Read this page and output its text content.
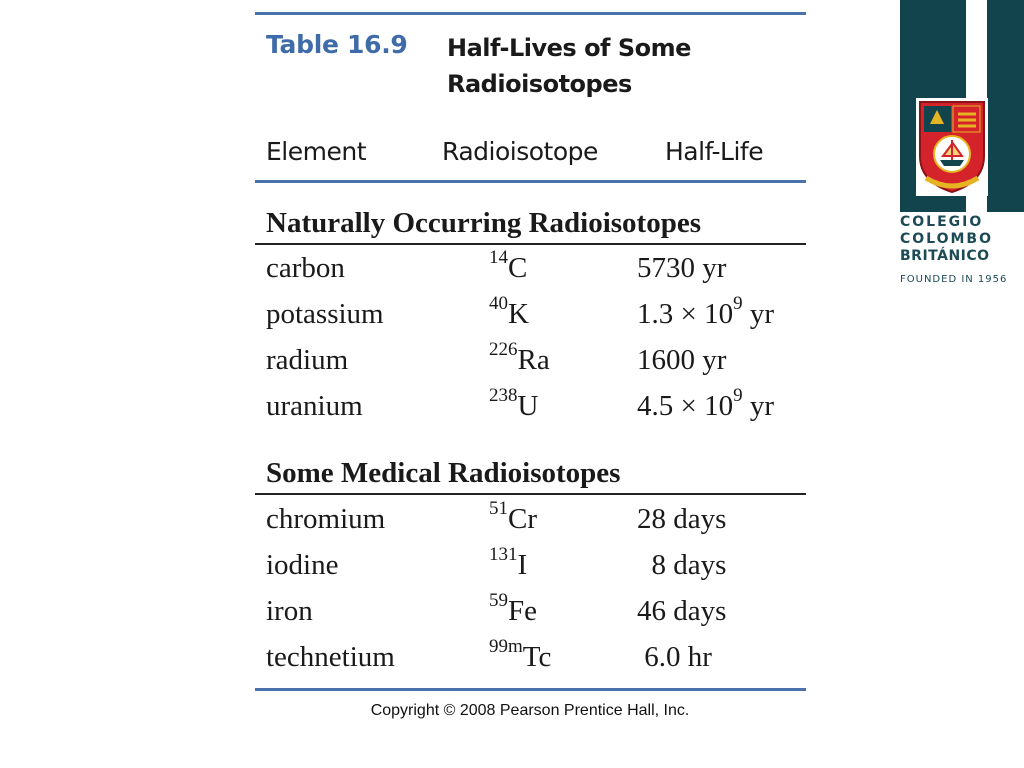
Table 16.9 Half-Lives of Some
Radioisotopes
Element	Radioisotope	Half-Life
Naturally Occurring Radioisotopes
carbon	$^{14}$C	5730 yr
potassium	$^{40}$K	$1.3 \times 10^9$ yr
radium	$^{226}$Ra	1600 yr
uranium	$^{238}$U	$4.5 \times 10^9$ yr
Some Medical Radioisotopes
chromium	$^{51}$Cr	28 days
iodine	$^{131}$I	8 days
iron	$^{59}$Fe	46 days
technetium	$^{99m}$Tc	6.0 hr
Copyright © 2008 Pearson Prentice Hall, Inc.
COLEGIO
COLOMBO
BRITÁNICO
FOUNDED IN 1956
